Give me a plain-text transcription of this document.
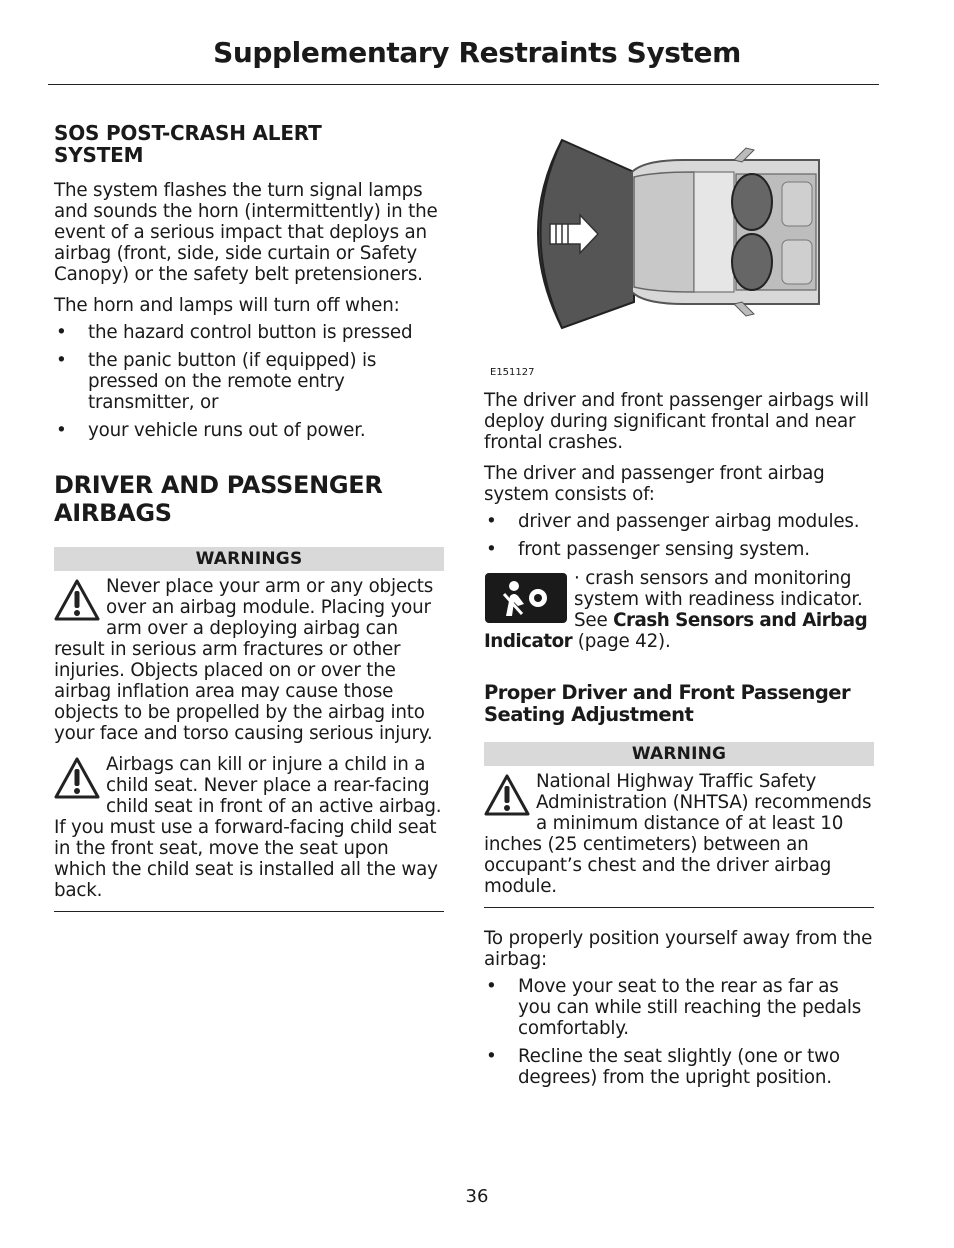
Supplementary Restraints System
SOS POST-CRASH ALERT
SYSTEM

The system flashes the turn signal lamps and sounds the horn (intermittently) in the event of a serious impact that deploys an airbag (front, side, side curtain or Safety Canopy) or the safety belt pretensioners.

The horn and lamps will turn off when:

• the hazard control button is pressed
• the panic button (if equipped) is pressed on the remote entry transmitter, or
• your vehicle runs out of power.
DRIVER AND PASSENGER
AIRBAGS
WARNINGS
Never place your arm or any objects over an airbag module. Placing your arm over a deploying airbag can result in serious arm fractures or other injuries. Objects placed on or over the airbag inflation area may cause those objects to be propelled by the airbag into your face and torso causing serious injury.
Airbags can kill or injure a child in a child seat. Never place a rear-facing child seat in front of an active airbag. If you must use a forward-facing child seat in the front seat, move the seat upon which the child seat is installed all the way back.
E151127

The driver and front passenger airbags will deploy during significant frontal and near frontal crashes.

The driver and passenger front airbag system consists of:

• driver and passenger airbag modules.
• front passenger sensing system.
· crash sensors and monitoring system with readiness indicator. See Crash Sensors and Airbag Indicator (page 42).
Proper Driver and Front Passenger
Seating Adjustment
WARNING
National Highway Traffic Safety Administration (NHTSA) recommends a minimum distance of at least 10 inches (25 centimeters) between an occupant’s chest and the driver airbag module.

To properly position yourself away from the airbag:

• Move your seat to the rear as far as you can while still reaching the pedals comfortably.
• Recline the seat slightly (one or two degrees) from the upright position.
36
